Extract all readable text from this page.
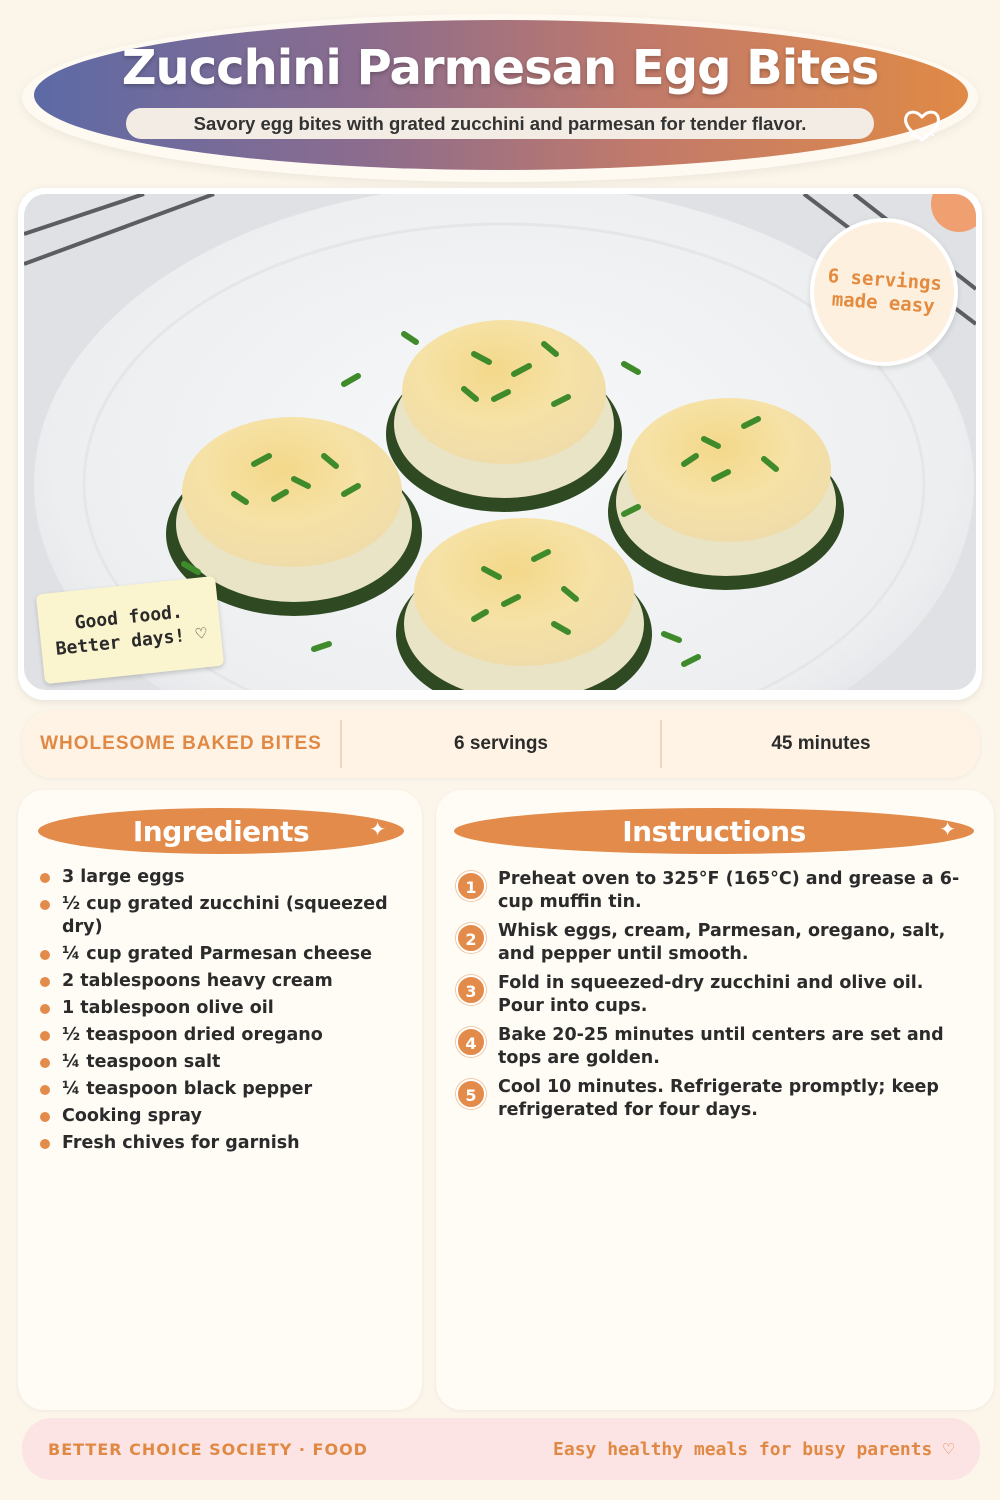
Zucchini Parmesan Egg Bites
Savory egg bites with grated zucchini and parmesan for tender flavor.
6 servings made easy
Good food. Better days! ♡
WHOLESOME BAKED BITES	6 servings	45 minutes
Ingredients	✦
3 large eggs
½ cup grated zucchini (squeezed dry)
¼ cup grated Parmesan cheese
2 tablespoons heavy cream
1 tablespoon olive oil
½ teaspoon dried oregano
¼ teaspoon salt
¼ teaspoon black pepper
Cooking spray
Fresh chives for garnish
Instructions	✦
1	Preheat oven to 325°F (165°C) and grease a 6-cup muffin tin.
2	Whisk eggs, cream, Parmesan, oregano, salt, and pepper until smooth.
3	Fold in squeezed-dry zucchini and olive oil. Pour into cups.
4	Bake 20-25 minutes until centers are set and tops are golden.
5	Cool 10 minutes. Refrigerate promptly; keep refrigerated for four days.
BETTER CHOICE SOCIETY · FOOD	Easy healthy meals for busy parents ♡
